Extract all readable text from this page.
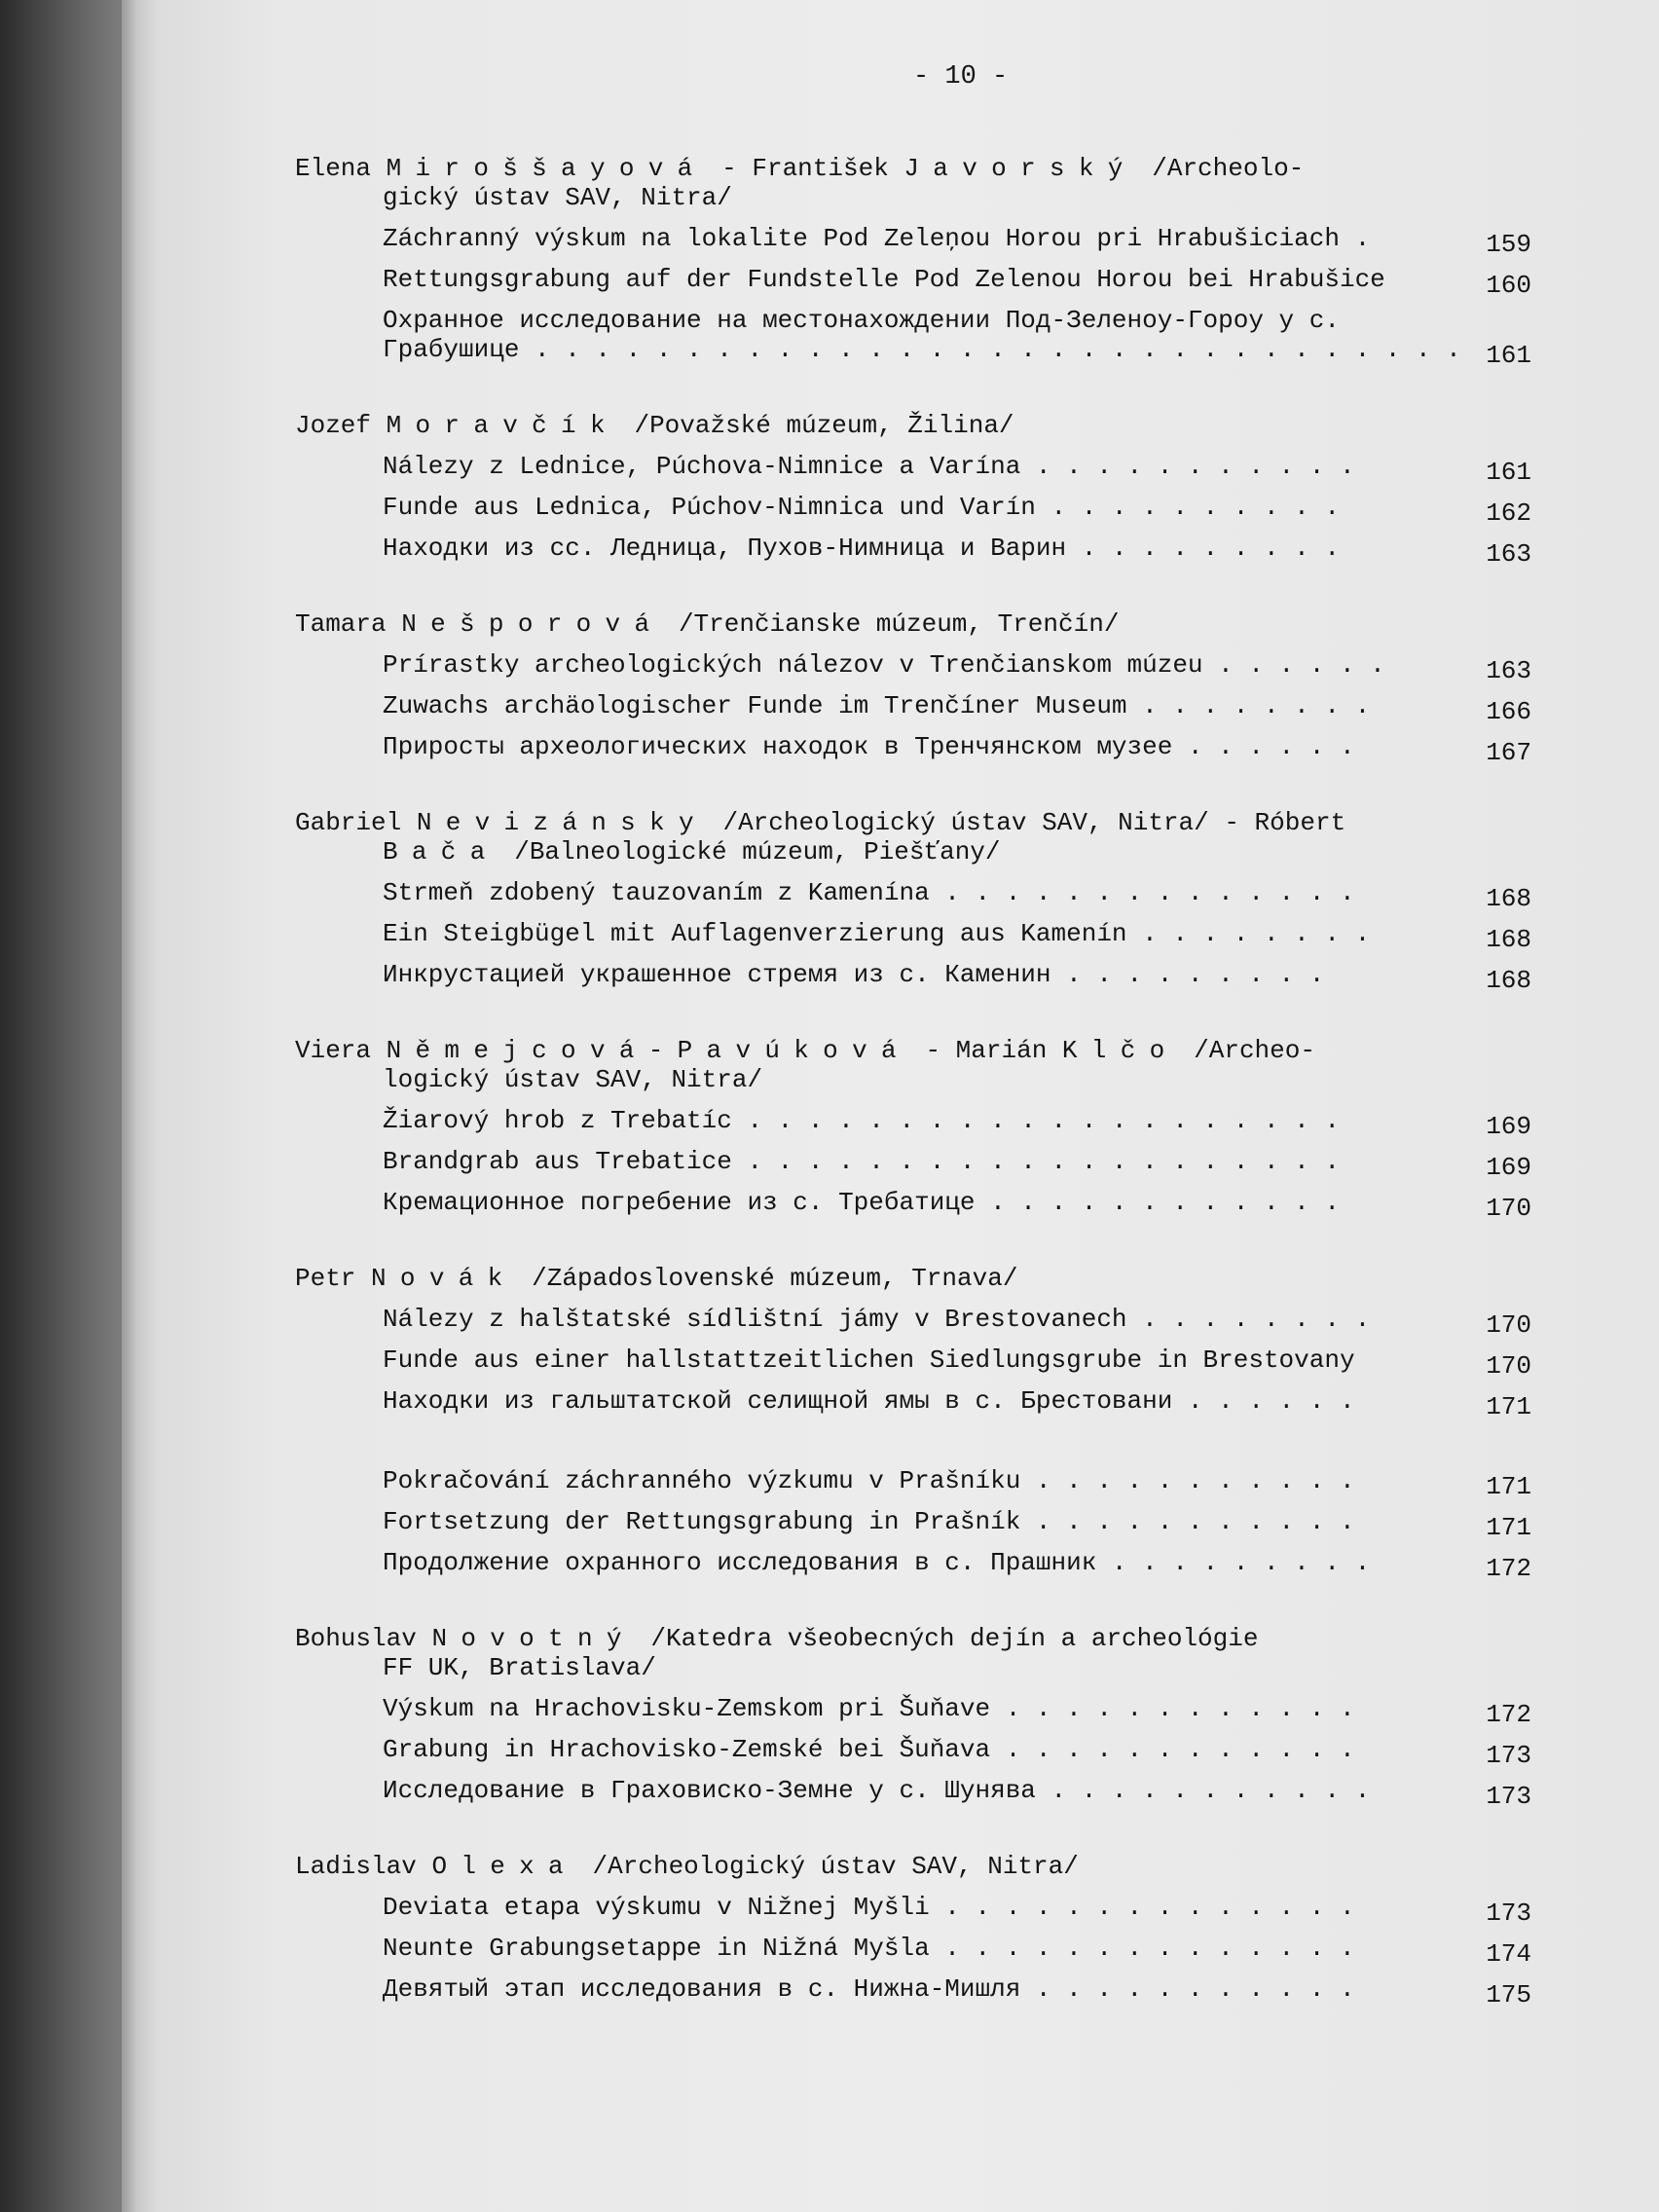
- 10 -
Elena Miroššayová - František Javorský /Archeolo-
gický ústav SAV, Nitra/
Záchranný výskum na lokalite Pod Zeleņou Horou pri Hrabušiciach .	159
Rettungsgrabung auf der Fundstelle Pod Zelenou Horou bei Hrabušice	160
Охранное исследование на местонахождении Под-Зеленоу-Гороу у с.
Грабушице . . . . . . . . . . . . . . . . . . . . . . . . . . . . . . . 161
Jozef Moravčík /Považské múzeum, Žilina/
Nálezy z Lednice, Púchova-Nimnice a Varína . . . . . . . . . . .	161
Funde aus Lednica, Púchov-Nimnica und Varín . . . . . . . . . .	162
Находки из сс. Ледница, Пухов-Нимница и Варин . . . . . . . . .	163
Tamara Nešporová /Trenčianske múzeum, Trenčín/
Prírastky archeologických nálezov v Trenčianskom múzeu . . . . . .	163
Zuwachs archäologischer Funde im Trenčíner Museum . . . . . . . .	166
Приросты археологических находок в Тренчянском музее . . . . . .	167
Gabriel Nevizánsky /Archeologický ústav SAV, Nitra/ - Róbert
Bača /Balneologické múzeum, Piešťany/
Strmeň zdobený tauzovaním z Kamenína . . . . . . . . . . . . . .	168
Ein Steigbügel mit Auflagenverzierung aus Kamenín . . . . . . . .	168
Инкрустацией украшенное стремя из с. Каменин . . . . . . . . .	168
Viera Němejcová-Pavúková - Marián Klčo /Archeo-
logický ústav SAV, Nitra/
Žiarový hrob z Trebatíc . . . . . . . . . . . . . . . . . . . .	169
Brandgrab aus Trebatice . . . . . . . . . . . . . . . . . . . .	169
Кремационное погребение из с. Требатице . . . . . . . . . . . .	170
Petr Novák /Západoslovenské múzeum, Trnava/
Nálezy z halštatské sídlištní jámy v Brestovanech . . . . . . . .	170
Funde aus einer hallstattzeitlichen Siedlungsgrube in Brestovany	170
Находки из гальштатской селищной ямы в с. Брестовани . . . . . .	171
Pokračování záchranného výzkumu v Prašníku . . . . . . . . . . .	171
Fortsetzung der Rettungsgrabung in Prašník . . . . . . . . . . .	171
Продолжение охранного исследования в с. Прашник . . . . . . . . .	172
Bohuslav Novotný /Katedra všeobecných dejín a archeológie
FF UK, Bratislava/
Výskum na Hrachovisku-Zemskom pri Šuňave . . . . . . . . . . . .	172
Grabung in Hrachovisko-Zemské bei Šuňava . . . . . . . . . . . .	173
Исследование в Граховиско-Земне у с. Шунява . . . . . . . . . . .	173
Ladislav Olexa /Archeologický ústav SAV, Nitra/
Deviata etapa výskumu v Nižnej Myšli . . . . . . . . . . . . . .	173
Neunte Grabungsetappe in Nižná Myšla . . . . . . . . . . . . . .	174
Девятый этап исследования в с. Нижна-Мишля . . . . . . . . . . .	175
